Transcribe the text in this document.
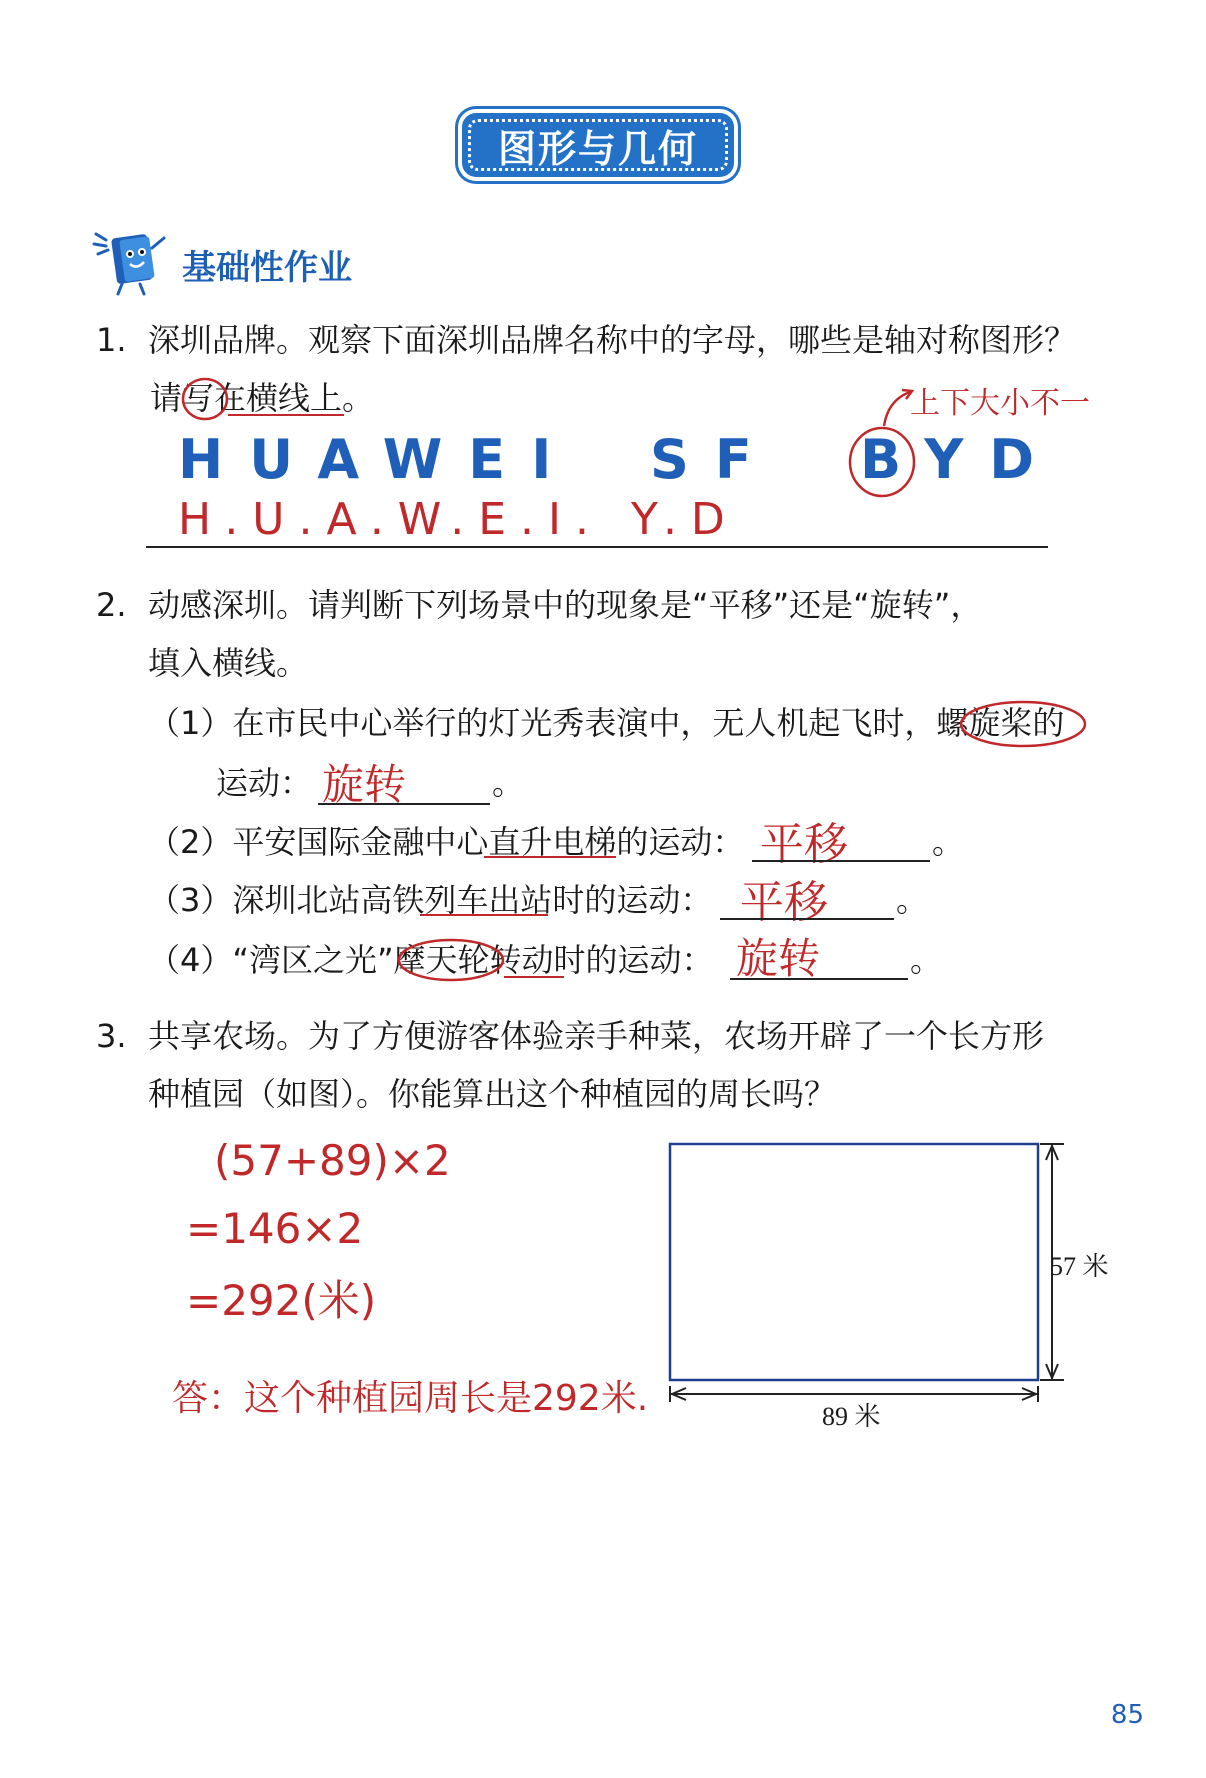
图形与几何
基础性作业
1. 深圳品牌。观察下面深圳品牌名称中的字母，哪些是轴对称图形？
请写在横线上。
HUAWEI SF BYD
上下大小不一
H.U.A.W.E.I. Y.D
2. 动感深圳。请判断下列场景中的现象是“平移”还是“旋转”，
填入横线。
（1）在市民中心举行的灯光秀表演中，无人机起飞时，螺旋桨的
运动： 旋转	。
（2）平安国际金融中心直升电梯的运动： 平移	。
（3）深圳北站高铁列车出站时的运动： 平移 。
（4）“湾区之光”摩天轮转动时的运动： 旋转	。
3. 共享农场。为了方便游客体验亲手种菜，农场开辟了一个长方形
种植园（如图）。你能算出这个种植园的周长吗？
(57+89)×2
=146×2
=292(米)
答：这个种植园周长是292米.
57 米
89 米
85
